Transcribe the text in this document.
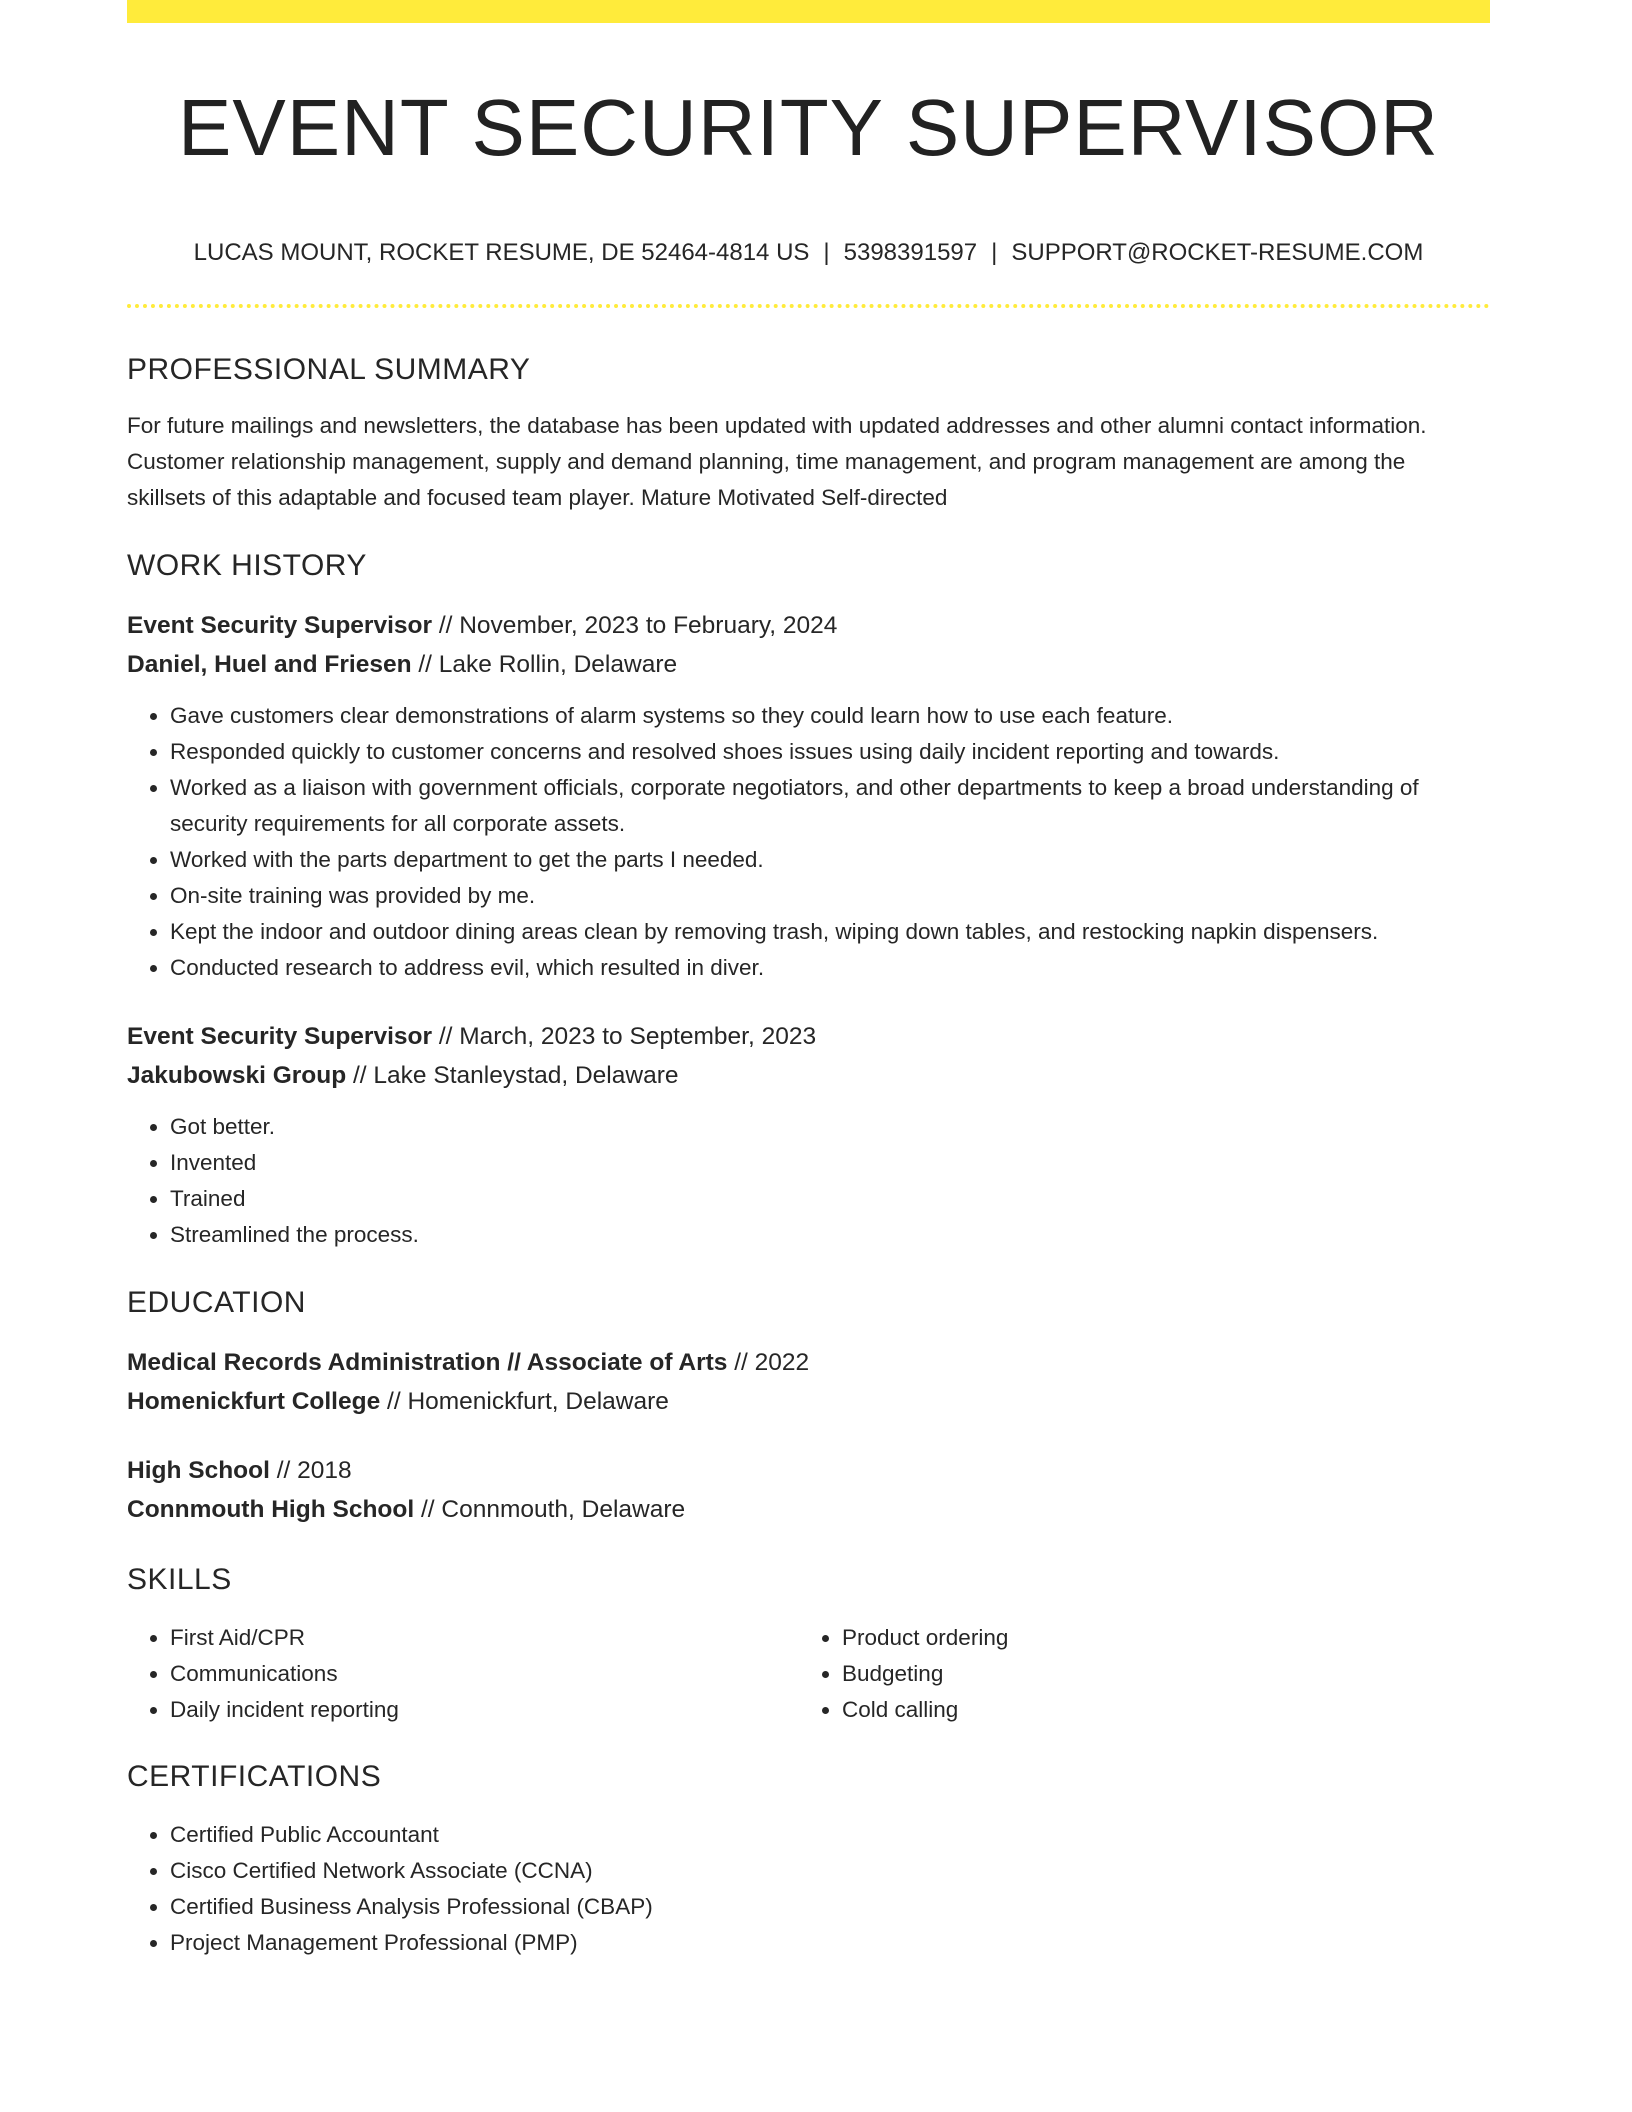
EVENT SECURITY SUPERVISOR
LUCAS MOUNT, ROCKET RESUME, DE 52464-4814 US | 5398391597 | SUPPORT@ROCKET-RESUME.COM
PROFESSIONAL SUMMARY

For future mailings and newsletters, the database has been updated with updated addresses and other alumni contact information. Customer relationship management, supply and demand planning, time management, and program management are among the skillsets of this adaptable and focused team player. Mature Motivated Self-directed

WORK HISTORY

Event Security Supervisor // November, 2023 to February, 2024

Daniel, Huel and Friesen // Lake Rollin, Delaware

• Gave customers clear demonstrations of alarm systems so they could learn how to use each feature.
• Responded quickly to customer concerns and resolved shoes issues using daily incident reporting and towards.
• Worked as a liaison with government officials, corporate negotiators, and other departments to keep a broad understanding of security requirements for all corporate assets.
• Worked with the parts department to get the parts I needed.
• On-site training was provided by me.
• Kept the indoor and outdoor dining areas clean by removing trash, wiping down tables, and restocking napkin dispensers.
• Conducted research to address evil, which resulted in diver.

Event Security Supervisor // March, 2023 to September, 2023

Jakubowski Group // Lake Stanleystad, Delaware

• Got better.
• Invented
• Trained
• Streamlined the process.
EDUCATION

Medical Records Administration // Associate of Arts // 2022

Homenickfurt College // Homenickfurt, Delaware

High School // 2018

Connmouth High School // Connmouth, Delaware

SKILLS
• First Aid/CPR
• Communications
• Daily incident reporting
• Product ordering
• Budgeting
• Cold calling
CERTIFICATIONS
• Certified Public Accountant
• Cisco Certified Network Associate (CCNA)
• Certified Business Analysis Professional (CBAP)
• Project Management Professional (PMP)
